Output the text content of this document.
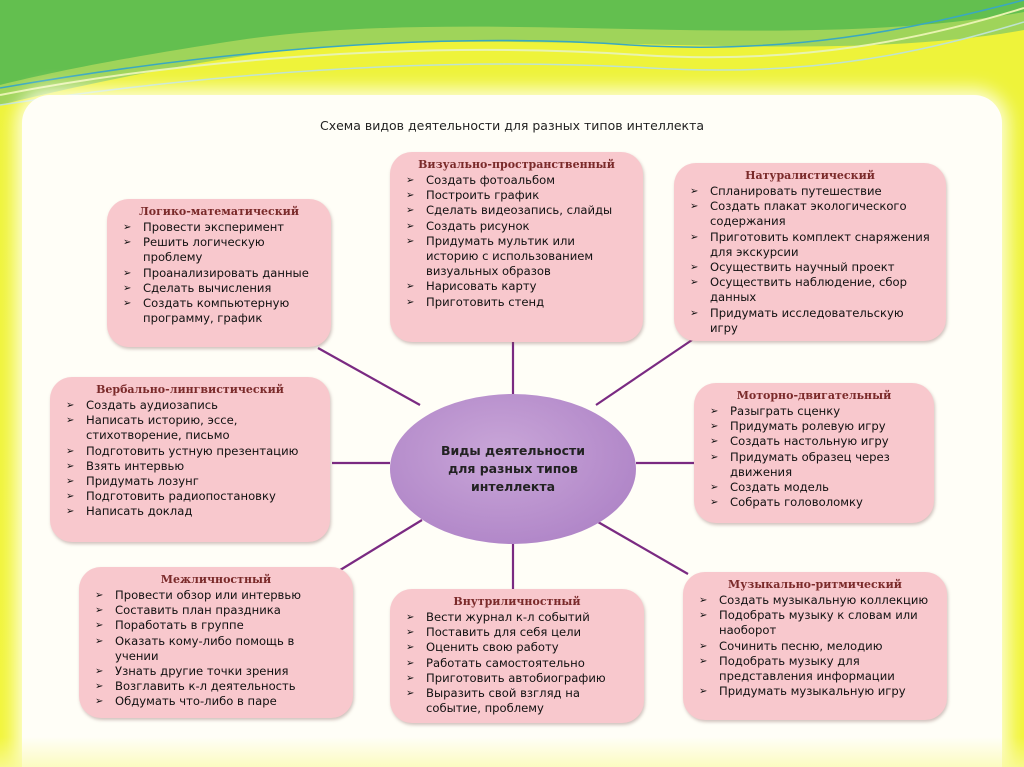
Схема видов деятельности для разных типов интеллекта
Виды деятельности
для разных типов
интеллекта
Логико-математический
➢ Провести эксперимент
➢ Решить логическую проблему
➢ Проанализировать данные
➢ Сделать вычисления
➢ Создать компьютерную программу, график
Визуально-пространственный
➢ Создать фотоальбом
➢ Построить график
➢ Сделать видеозапись, слайды
➢ Создать рисунок
➢ Придумать мультик или историю с использованием визуальных образов
➢ Нарисовать карту
➢ Приготовить стенд
Натуралистический
➢ Спланировать путешествие
➢ Создать плакат экологического содержания
➢ Приготовить комплект снаряжения для экскурсии
➢ Осуществить научный проект
➢ Осуществить наблюдение, сбор данных
➢ Придумать исследовательскую игру
Вербально-лингвистический
➢ Создать аудиозапись
➢ Написать историю, эссе, стихотворение, письмо
➢ Подготовить устную презентацию
➢ Взять интервью
➢ Придумать лозунг
➢ Подготовить радиопостановку
➢ Написать доклад
Моторно-двигательный
➢ Разыграть сценку
➢ Придумать ролевую игру
➢ Создать настольную игру
➢ Придумать образец через движения
➢ Создать модель
➢ Собрать головоломку
Межличностный
➢ Провести обзор или интервью
➢ Составить план праздника
➢ Поработать в группе
➢ Оказать кому-либо помощь в учении
➢ Узнать другие точки зрения
➢ Возглавить к-л деятельность
➢ Обдумать что-либо в паре
Внутриличностный
➢ Вести журнал к-л событий
➢ Поставить для себя цели
➢ Оценить свою работу
➢ Работать самостоятельно
➢ Приготовить автобиографию
➢ Выразить свой взгляд на событие, проблему
Музыкально-ритмический
➢ Создать музыкальную коллекцию
➢ Подобрать музыку к словам или наоборот
➢ Сочинить песню, мелодию
➢ Подобрать музыку для представления информации
➢ Придумать музыкальную игру
